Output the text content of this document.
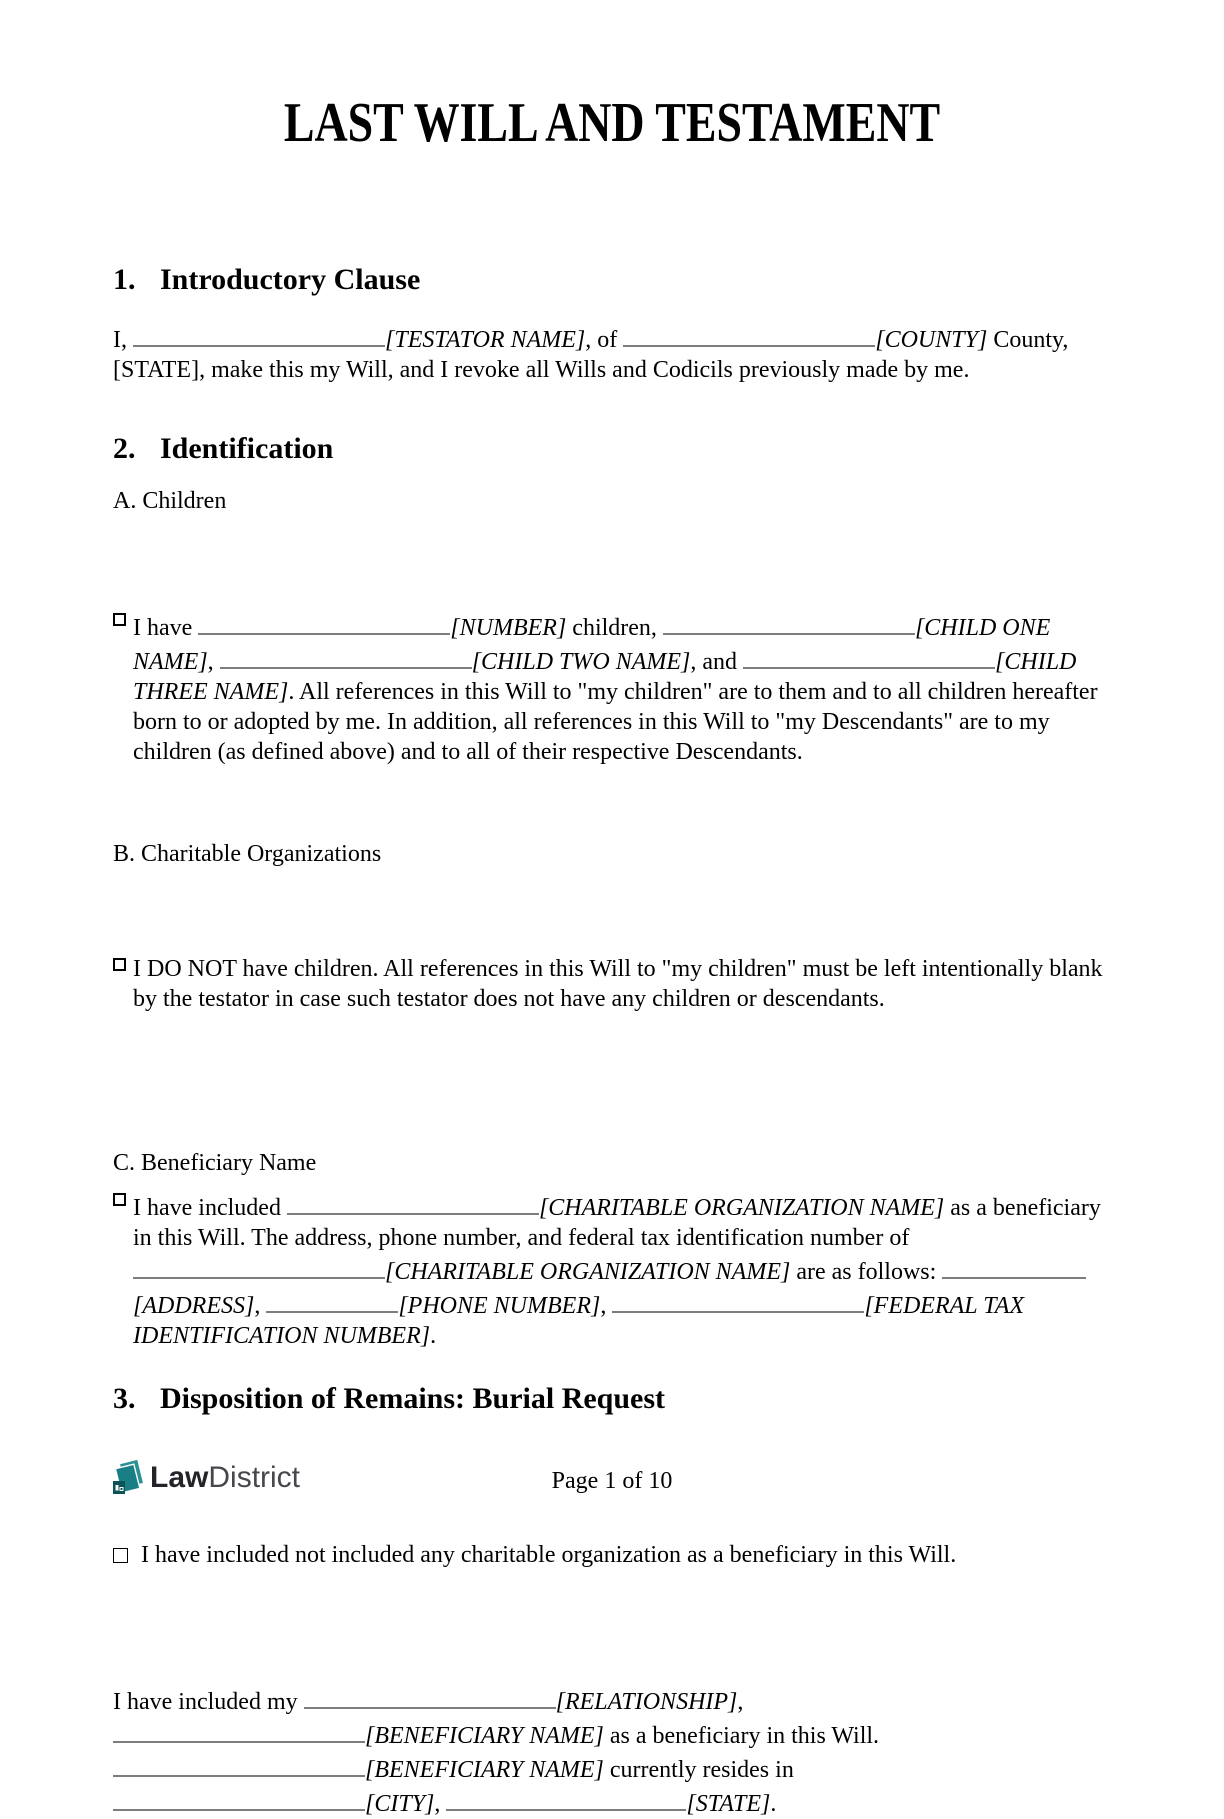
LAST WILL AND TESTAMENT
1. Introductory Clause
I,	[TESTATOR NAME], of	[COUNTY] County,
[STATE], make this my Will, and I revoke all Wills and Codicils previously made by me.
2. Identification
A. Children
I have	[NUMBER] children,	[CHILD ONE
NAME],	[CHILD TWO NAME], and	[CHILD
THREE NAME]. All references in this Will to "my children" are to them and to all children hereafter
born to or adopted by me. In addition, all references in this Will to "my Descendants" are to my
children (as defined above) and to all of their respective Descendants.
I DO NOT have children. All references in this Will to "my children" must be left intentionally blank
by the testator in case such testator does not have any children or descendants.
B. Charitable Organizations
I have included	[CHARITABLE ORGANIZATION NAME] as a beneficiary
in this Will. The address, phone number, and federal tax identification number of
[CHARITABLE ORGANIZATION NAME] are as follows:
[ADDRESS],	[PHONE NUMBER],	[FEDERAL TAX
IDENTIFICATION NUMBER].
I have included not included any charitable organization as a beneficiary in this Will.
C. Beneficiary Name
I have included my	[RELATIONSHIP],
[BENEFICIARY NAME] as a beneficiary in this Will.
[BENEFICIARY NAME] currently resides in
[CITY],	[STATE].
3. Disposition of Remains: Burial Request
LawDistrict	Page 1 of 10
